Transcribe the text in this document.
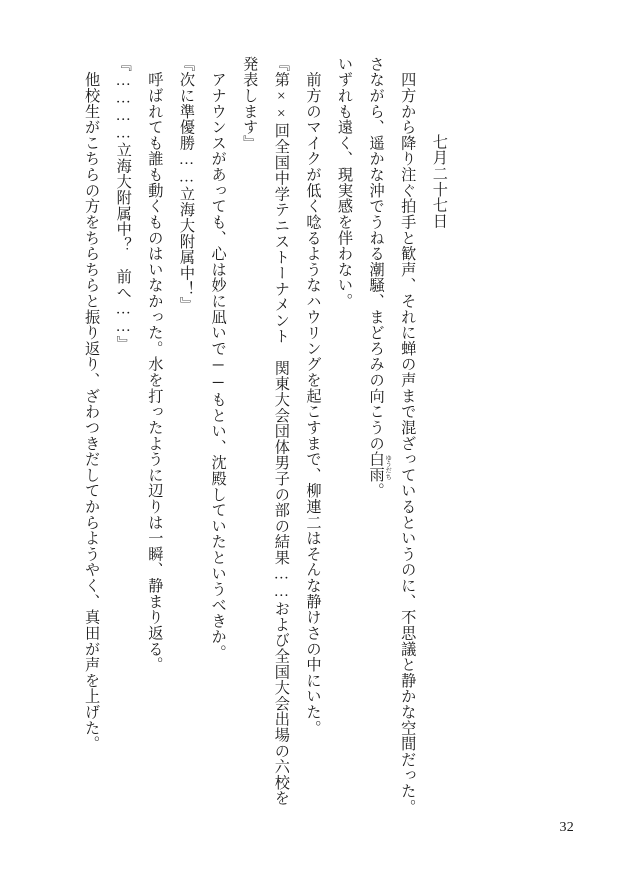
七月二十七日
　四方から降り注ぐ拍手と歓声、それに蝉の声まで混ざっているというのに、不思議と静かな空間だった。さながら、遥かな沖でうねる潮騒、まどろみの向こうの白雨 ゆうだち。
いずれも遠く、現実感を伴わない。
　前方のマイクが低く唸るようなハウリングを起こすまで、柳連二はそんな静けさの中にいた。
『第××回全国中学テニストーナメント　関東大会団体男子の部の結果……および全国大会出場の六校を発表します』
　アナウンスがあっても、心は妙に凪いで──もとい、沈殿していたというべきか。
『次に準優勝……立海大附属中！』
　呼ばれても誰も動くものはいなかった。水を打ったように辺りは一瞬、静まり返る。
『…………立海大附属中？　前へ……』
　他校生がこちらの方をちらちらと振り返り、ざわつきだしてからようやく、真田が声を上げた。

32
